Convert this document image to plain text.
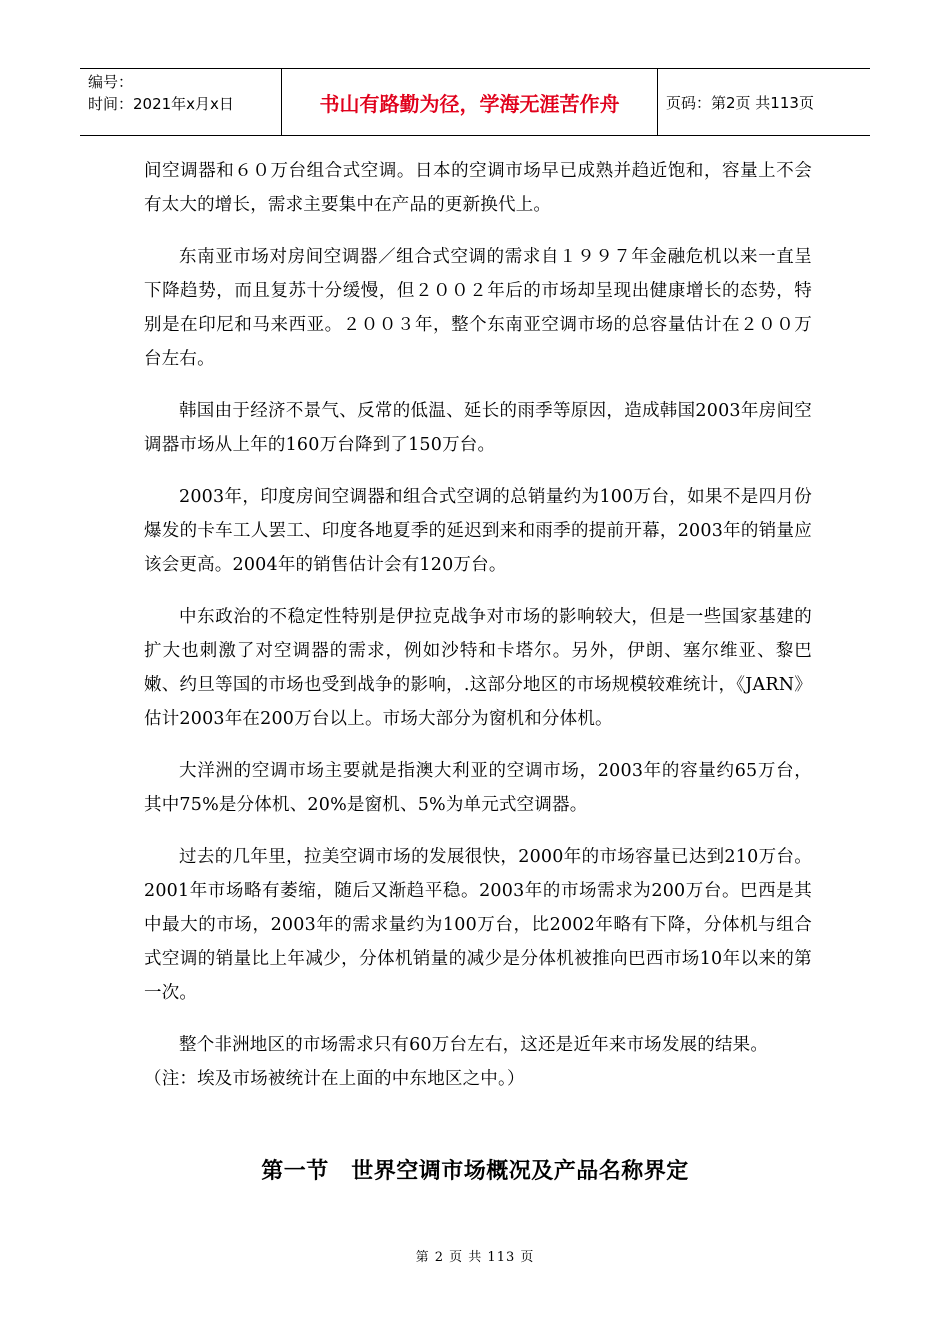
编号：
时间：2021年x月x日	书山有路勤为径，学海无涯苦作舟	页码：第2页 共113页

间空调器和６０万台组合式空调。日本的空调市场早已成熟并趋近饱和，容量上不会有太大的增长，需求主要集中在产品的更新换代上。

东南亚市场对房间空调器／组合式空调的需求自１９９７年金融危机以来一直呈下降趋势，而且复苏十分缓慢，但２００２年后的市场却呈现出健康增长的态势，特别是在印尼和马来西亚。２００３年，整个东南亚空调市场的总容量估计在２００万台左右。

韩国由于经济不景气、反常的低温、延长的雨季等原因，造成韩国2003年房间空调器市场从上年的160万台降到了150万台。

2003年，印度房间空调器和组合式空调的总销量约为100万台，如果不是四月份爆发的卡车工人罢工、印度各地夏季的延迟到来和雨季的提前开幕，2003年的销量应该会更高。2004年的销售估计会有120万台。

中东政治的不稳定性特别是伊拉克战争对市场的影响较大，但是一些国家基建的扩大也刺激了对空调器的需求，例如沙特和卡塔尔。另外，伊朗、塞尔维亚、黎巴嫩、约旦等国的市场也受到战争的影响，.这部分地区的市场规模较难统计，《JARN》估计2003年在200万台以上。市场大部分为窗机和分体机。

大洋洲的空调市场主要就是指澳大利亚的空调市场，2003年的容量约65万台，其中75%是分体机、20%是窗机、5%为单元式空调器。

过去的几年里，拉美空调市场的发展很快，2000年的市场容量已达到210万台。2001年市场略有萎缩，随后又渐趋平稳。2003年的市场需求为200万台。巴西是其中最大的市场，2003年的需求量约为100万台，比2002年略有下降，分体机与组合式空调的销量比上年减少，分体机销量的减少是分体机被推向巴西市场10年以来的第一次。

整个非洲地区的市场需求只有60万台左右，这还是近年来市场发展的结果。

（注：埃及市场被统计在上面的中东地区之中。）

第一节　世界空调市场概况及产品名称界定
第 2 页 共 113 页
